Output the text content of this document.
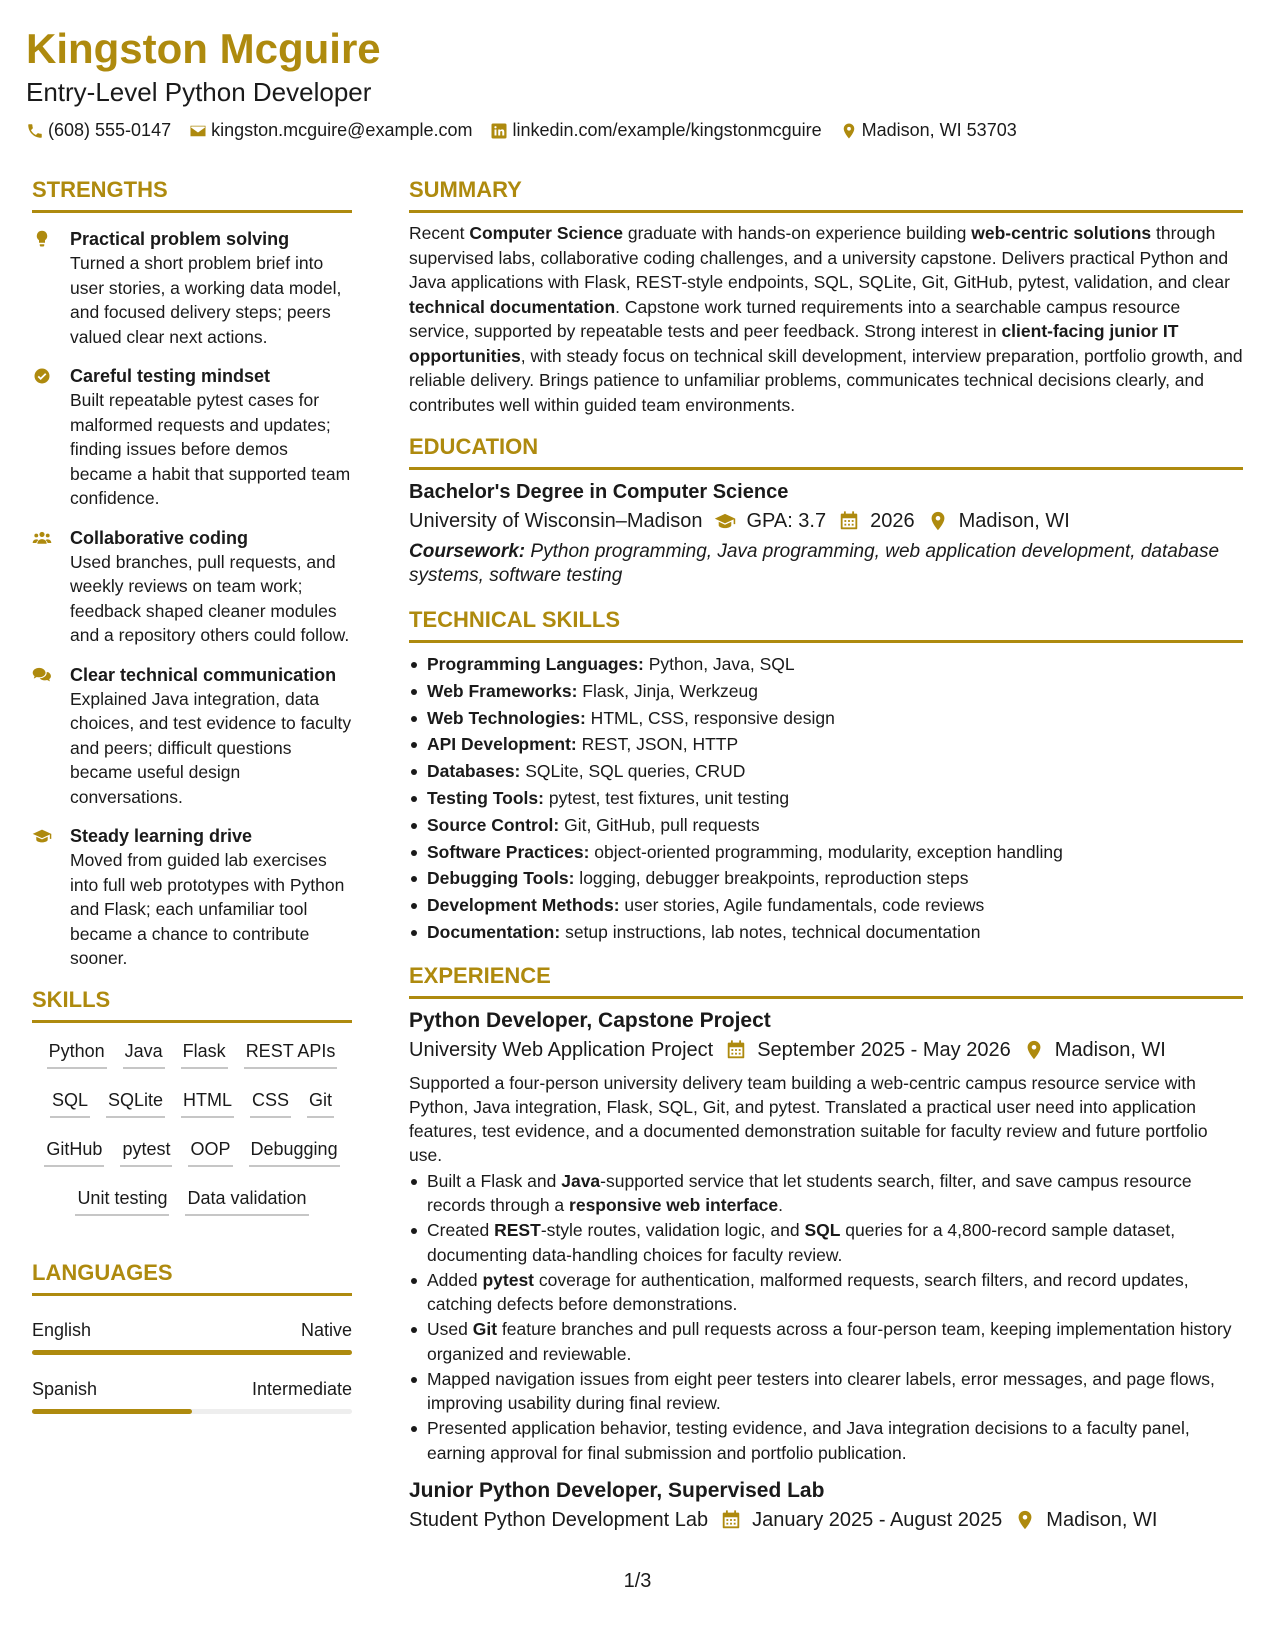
Kingston Mcguire
Entry-Level Python Developer
(608) 555-0147 kingston.mcguire@example.com linkedin.com/example/kingstonmcguire Madison, WI 53703
STRENGTHS
Practical problem solving
Turned a short problem brief into user stories, a working data model, and focused delivery steps; peers valued clear next actions.
Careful testing mindset
Built repeatable pytest cases for malformed requests and updates; finding issues before demos became a habit that supported team confidence.
Collaborative coding
Used branches, pull requests, and weekly reviews on team work; feedback shaped cleaner modules and a repository others could follow.
Clear technical communication
Explained Java integration, data choices, and test evidence to faculty and peers; difficult questions became useful design conversations.
Steady learning drive
Moved from guided lab exercises into full web prototypes with Python and Flask; each unfamiliar tool became a chance to contribute sooner.
SKILLS
Python Java Flask REST APIs
SQL SQLite HTML CSS Git
GitHub pytest OOP Debugging
Unit testing Data validation
LANGUAGES
English	Native
Spanish	Intermediate
SUMMARY
Recent Computer Science graduate with hands-on experience building web-centric solutions through supervised labs, collaborative coding challenges, and a university capstone. Delivers practical Python and Java applications with Flask, REST-style endpoints, SQL, SQLite, Git, GitHub, pytest, validation, and clear technical documentation. Capstone work turned requirements into a searchable campus resource service, supported by repeatable tests and peer feedback. Strong interest in client-facing junior IT opportunities, with steady focus on technical skill development, interview preparation, portfolio growth, and reliable delivery. Brings patience to unfamiliar problems, communicates technical decisions clearly, and contributes well within guided team environments.
EDUCATION
Bachelor's Degree in Computer Science
University of Wisconsin–Madison GPA: 3.7 2026 Madison, WI
Coursework: Python programming, Java programming, web application development, database systems, software testing
TECHNICAL SKILLS
Programming Languages: Python, Java, SQL
Web Frameworks: Flask, Jinja, Werkzeug
Web Technologies: HTML, CSS, responsive design
API Development: REST, JSON, HTTP
Databases: SQLite, SQL queries, CRUD
Testing Tools: pytest, test fixtures, unit testing
Source Control: Git, GitHub, pull requests
Software Practices: object-oriented programming, modularity, exception handling
Debugging Tools: logging, debugger breakpoints, reproduction steps
Development Methods: user stories, Agile fundamentals, code reviews
Documentation: setup instructions, lab notes, technical documentation
EXPERIENCE
Python Developer, Capstone Project
University Web Application Project September 2025 - May 2026 Madison, WI
Supported a four-person university delivery team building a web-centric campus resource service with Python, Java integration, Flask, SQL, Git, and pytest. Translated a practical user need into application features, test evidence, and a documented demonstration suitable for faculty review and future portfolio use.
Built a Flask and Java-supported service that let students search, filter, and save campus resource records through a responsive web interface.
Created REST-style routes, validation logic, and SQL queries for a 4,800-record sample dataset, documenting data-handling choices for faculty review.
Added pytest coverage for authentication, malformed requests, search filters, and record updates, catching defects before demonstrations.
Used Git feature branches and pull requests across a four-person team, keeping implementation history organized and reviewable.
Mapped navigation issues from eight peer testers into clearer labels, error messages, and page flows, improving usability during final review.
Presented application behavior, testing evidence, and Java integration decisions to a faculty panel, earning approval for final submission and portfolio publication.
Junior Python Developer, Supervised Lab
Student Python Development Lab January 2025 - August 2025 Madison, WI
1/3
